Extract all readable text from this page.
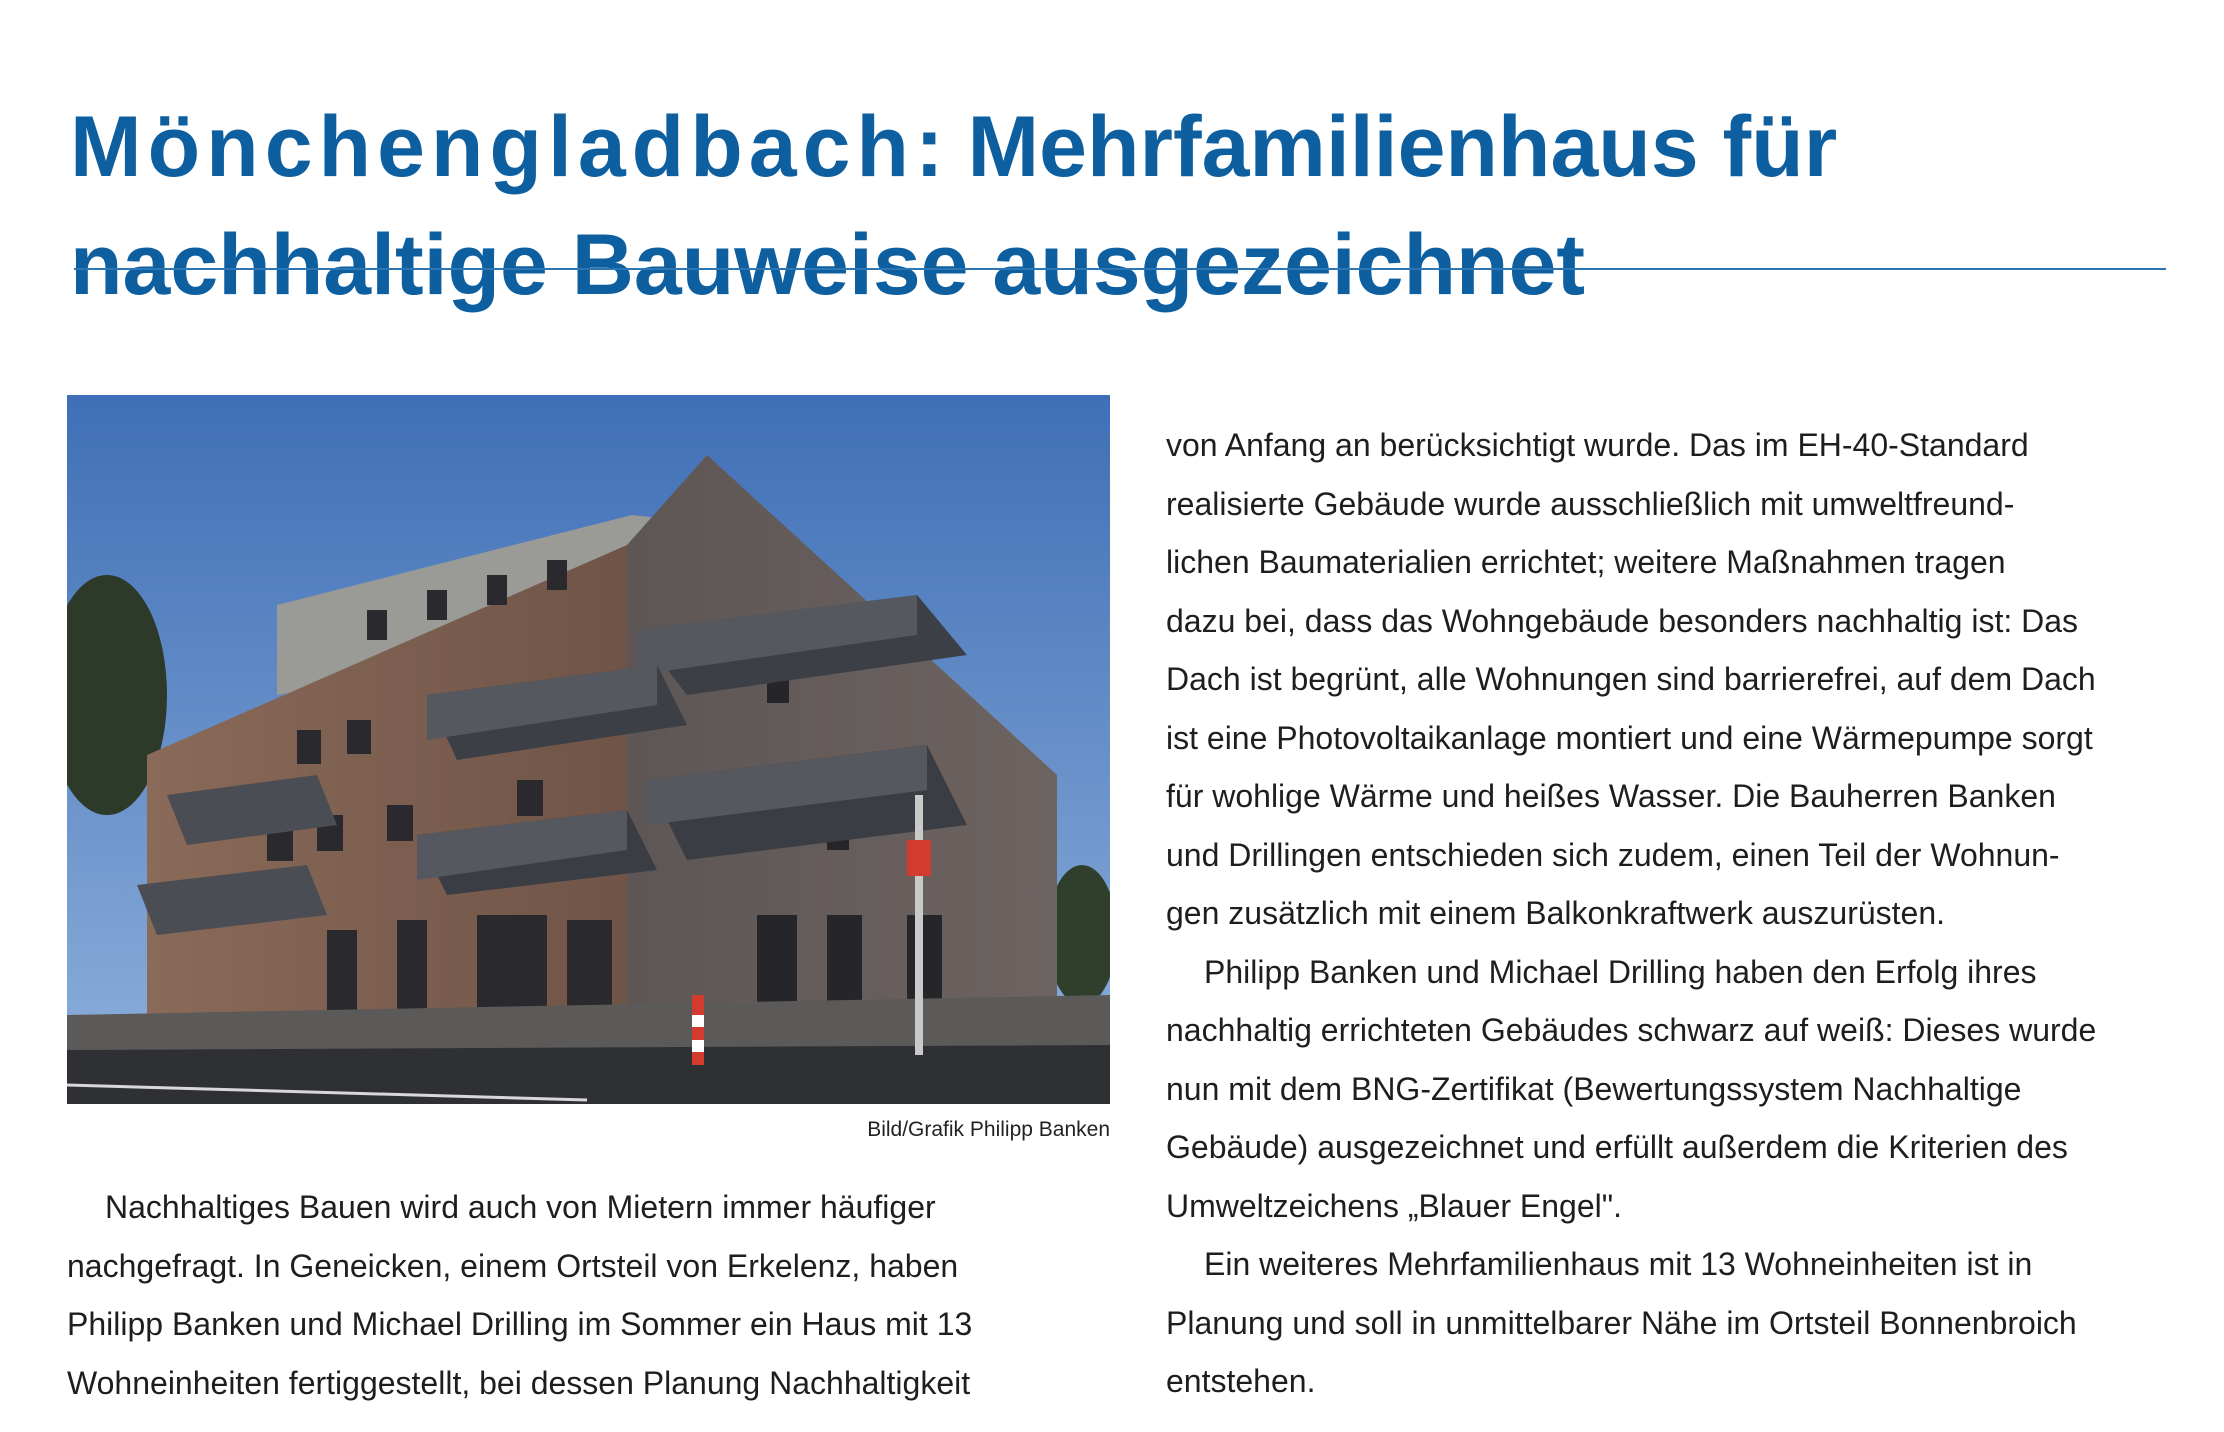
Mönchengladbach: Mehrfamilienhaus für
nachhaltige Bauweise ausgezeichnet
Bild/Grafik Philipp Banken

Nachhaltiges Bauen wird auch von Mietern immer häufiger

nachgefragt. In Geneicken, einem Ortsteil von Erkelenz, haben

Philipp Banken und Michael Drilling im Sommer ein Haus mit 13

Wohneinheiten fertiggestellt, bei dessen Planung Nachhaltigkeit

von Anfang an berücksichtigt wurde. Das im EH-40-Standard

realisierte Gebäude wurde ausschließlich mit umweltfreund-

lichen Baumaterialien errichtet; weitere Maßnahmen tragen

dazu bei, dass das Wohngebäude besonders nachhaltig ist: Das

Dach ist begrünt, alle Wohnungen sind barrierefrei, auf dem Dach

ist eine Photovoltaikanlage montiert und eine Wärmepumpe sorgt

für wohlige Wärme und heißes Wasser. Die Bauherren Banken

und Drillingen entschieden sich zudem, einen Teil der Wohnun-

gen zusätzlich mit einem Balkonkraftwerk auszurüsten.

Philipp Banken und Michael Drilling haben den Erfolg ihres

nachhaltig errichteten Gebäudes schwarz auf weiß: Dieses wurde

nun mit dem BNG-Zertifikat (Bewertungssystem Nachhaltige

Gebäude) ausgezeichnet und erfüllt außerdem die Kriterien des

Umweltzeichens „Blauer Engel".

Ein weiteres Mehrfamilienhaus mit 13 Wohneinheiten ist in

Planung und soll in unmittelbarer Nähe im Ortsteil Bonnenbroich

entstehen.
